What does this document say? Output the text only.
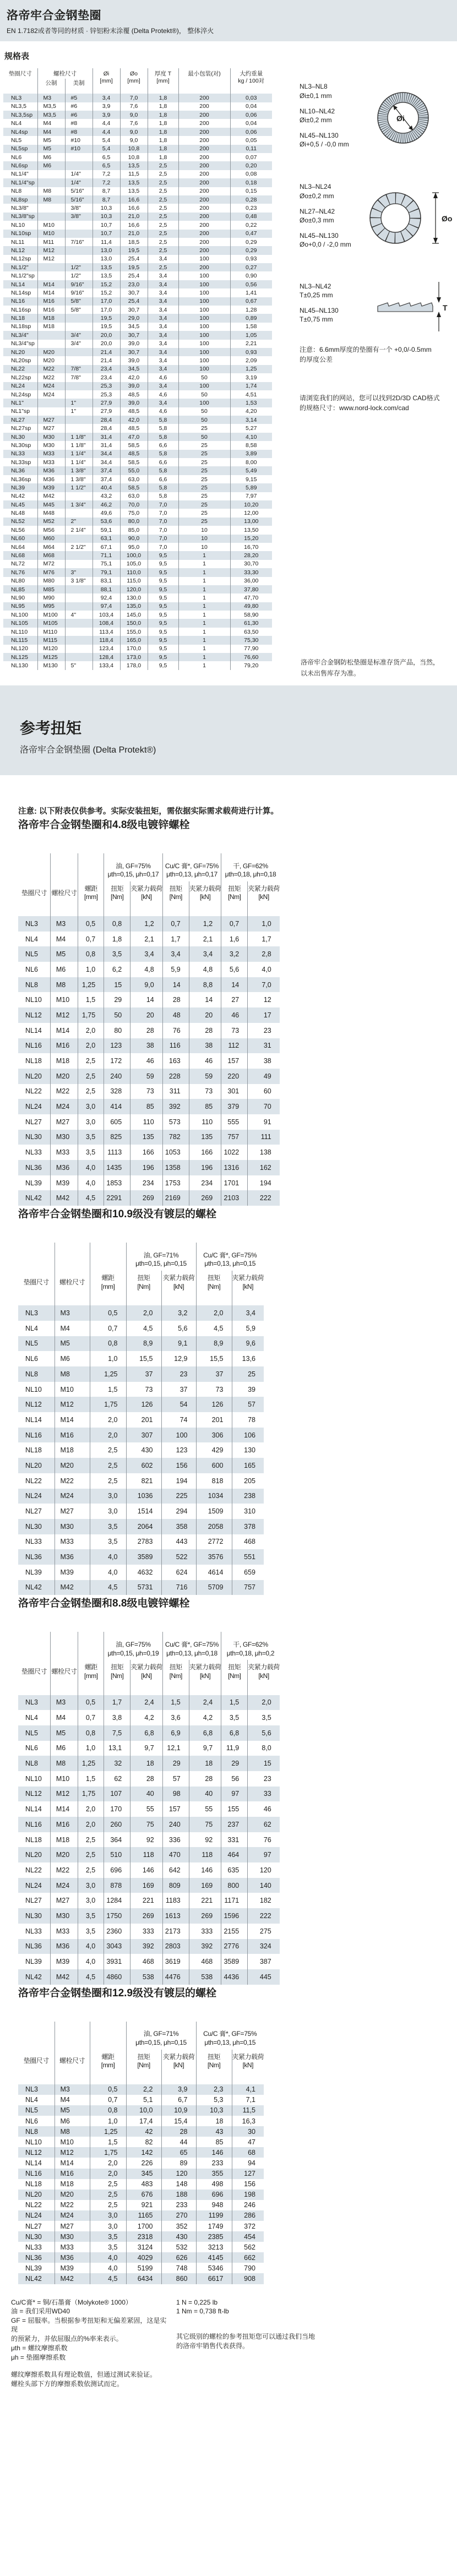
洛帝牢合金钢垫圈
EN 1.7182或者等同的材质 · 锌铝粉末涂覆 (Delta Protekt®)， 整体淬火
规格表
垫圈尺寸	螺栓尺寸	Øi
[mm]

Øo
[mm]

厚度 T
[mm]
	最小包装(对)	大约重量
kg / 100对

	公制	美制					
NL3	M3	#5	3,4	7,0	1,8	200	0,03
NL3,5	M3,5	#6	3,9	7,6	1,8	200	0,04
NL3,5sp	M3,5	#6	3,9	9,0	1,8	200	0,06
NL4	M4	#8	4,4	7,6	1,8	200	0,04
NL4sp	M4	#8	4,4	9,0	1,8	200	0,06
NL5	M5	#10	5,4	9,0	1,8	200	0,05
NL5sp	M5	#10	5,4	10,8	1,8	200	0,11
NL6	M6		6,5	10,8	1,8	200	0,07
NL6sp	M6		6,5	13,5	2,5	200	0,20
NL1/4"		1/4"	7,2	11,5	2,5	200	0,08
NL1/4"sp		1/4"	7,2	13,5	2,5	200	0,18
NL8	M8	5/16"	8,7	13,5	2,5	200	0,15
NL8sp	M8	5/16"	8,7	16,6	2,5	200	0,28
NL3/8"		3/8"	10,3	16,6	2,5	200	0,23
NL3/8"sp		3/8"	10,3	21,0	2,5	200	0,48
NL10	M10		10,7	16,6	2,5	200	0,22
NL10sp	M10		10,7	21,0	2,5	200	0,47
NL11	M11	7/16"	11,4	18,5	2,5	200	0,29
NL12	M12		13,0	19,5	2,5	200	0,29
NL12sp	M12		13,0	25,4	3,4	100	0,93
NL1/2"		1/2"	13,5	19,5	2,5	200	0,27
NL1/2"sp		1/2"	13,5	25,4	3,4	100	0,90
NL14	M14	9/16"	15,2	23,0	3,4	100	0,56
NL14sp	M14	9/16"	15,2	30,7	3,4	100	1,41
NL16	M16	5/8"	17,0	25,4	3,4	100	0,67
NL16sp	M16	5/8"	17,0	30,7	3,4	100	1,28
NL18	M18		19,5	29,0	3,4	100	0,89
NL18sp	M18		19,5	34,5	3,4	100	1,58
NL3/4"		3/4"	20,0	30,7	3,4	100	1,05
NL3/4"sp		3/4"	20,0	39,0	3,4	100	2,21
NL20	M20		21,4	30,7	3,4	100	0,93
NL20sp	M20		21,4	39,0	3,4	100	2,09
NL22	M22	7/8"	23,4	34,5	3,4	100	1,25
NL22sp	M22	7/8"	23,4	42,0	4,6	50	3,19
NL24	M24		25,3	39,0	3,4	100	1,74
NL24sp	M24		25,3	48,5	4,6	50	4,51
NL1"		1"	27,9	39,0	3,4	100	1,53
NL1"sp		1"	27,9	48,5	4,6	50	4,20
NL27	M27		28,4	42,0	5,8	50	3,14
NL27sp	M27		28,4	48,5	5,8	25	5,27
NL30	M30	1 1/8"	31,4	47,0	5,8	50	4,10
NL30sp	M30	1 1/8"	31,4	58,5	6,6	25	8,58
NL33	M33	1 1/4"	34,4	48,5	5,8	25	3,89
NL33sp	M33	1 1/4"	34,4	58,5	6,6	25	8,00
NL36	M36	1 3/8"	37,4	55,0	5,8	25	5,49
NL36sp	M36	1 3/8"	37,4	63,0	6,6	25	9,15
NL39	M39	1 1/2"	40,4	58,5	5,8	25	5,89
NL42	M42		43,2	63,0	5,8	25	7,97
NL45	M45	1 3/4"	46,2	70,0	7,0	25	10,20
NL48	M48		49,6	75,0	7,0	25	12,00
NL52	M52	2"	53,6	80,0	7,0	25	13,00
NL56	M56	2 1/4"	59,1	85,0	7,0	10	13,50
NL60	M60		63,1	90,0	7,0	10	15,20
NL64	M64	2 1/2"	67,1	95,0	7,0	10	16,70
NL68	M68		71,1	100,0	9,5	1	28,20
NL72	M72		75,1	105,0	9,5	1	30,70
NL76	M76	3"	79,1	110,0	9,5	1	33,30
NL80	M80	3 1/8"	83,1	115,0	9,5	1	36,00
NL85	M85		88,1	120,0	9,5	1	37,80
NL90	M90		92,4	130,0	9,5	1	47,70
NL95	M95		97,4	135,0	9,5	1	49,80
NL100	M100	4"	103,4	145,0	9,5	1	58,90
NL105	M105		108,4	150,0	9,5	1	61,30
NL110	M110		113,4	155,0	9,5	1	63,50
NL115	M115		118,4	165,0	9,5	1	75,30
NL120	M120		123,4	170,0	9,5	1	77,90
NL125	M125		128,4	173,0	9,5	1	76,60
NL130	M130	5"	133,4	178,0	9,5	1	79,20
NL3–NL8
Øi±0,1 mm
NL10–NL42
Øi±0,2 mm
NL45–NL130
Øi+0,5 / -0,0 mm
Øi
NL3–NL24
Øo±0,2 mm
NL27–NL42
Øo±0,3 mm
NL45–NL130
Øo+0,0 / -2,0 mm
Øo
NL3–NL42
T±0,25 mm
NL45–NL130
T±0,75 mm
T
注意：6.6mm厚度的垫圈有一个 +0,0/-0.5mm的厚度公差
请浏览我们的网站，您可以找到2D/3D CAD格式的规格尺寸：www.nord-lock.com/cad
洛帝牢合金钢防松垫圈是标准存货产品，当然，以未出售库存为准。
参考扭矩
洛帝牢合金钢垫圈 (Delta Protekt®)

注意: 以下附表仅供参考。实际安装扭矩，需依据实际需求载荷进行计算。

洛帝牢合金钢垫圈和4.8级电镀锌螺栓

油, GF=75%
μth=0,15, μh=0,17

Cu/C 膏*, GF=75%
μth=0,13, μh=0,17

干, GF=62%
μth=0,18, μh=0,18

垫圈尺寸	螺栓尺寸	
螺距
[mm]

扭矩
[Nm]

夹紧力载荷
[kN]

扭矩
[Nm]

夹紧力载荷
[kN]

扭矩
[Nm]

夹紧力载荷
[kN]

NL3	M3	0,5	0,8	1,2	0,7	1,2	0,7	1,0
NL4	M4	0,7	1,8	2,1	1,7	2,1	1,6	1,7
NL5	M5	0,8	3,5	3,4	3,4	3,4	3,2	2,8
NL6	M6	1,0	6,2	4,8	5,9	4,8	5,6	4,0
NL8	M8	1,25	15	9,0	14	8,8	14	7,0
NL10	M10	1,5	29	14	28	14	27	12
NL12	M12	1,75	50	20	48	20	46	17
NL14	M14	2,0	80	28	76	28	73	23
NL16	M16	2,0	123	38	116	38	112	31
NL18	M18	2,5	172	46	163	46	157	38
NL20	M20	2,5	240	59	228	59	220	49
NL22	M22	2,5	328	73	311	73	301	60
NL24	M24	3,0	414	85	392	85	379	70
NL27	M27	3,0	605	110	573	110	555	91
NL30	M30	3,5	825	135	782	135	757	111
NL33	M33	3,5	1113	166	1053	166	1022	138
NL36	M36	4,0	1435	196	1358	196	1316	162
NL39	M39	4,0	1853	234	1753	234	1701	194
NL42	M42	4,5	2291	269	2169	269	2103	222
洛帝牢合金钢垫圈和10.9级没有镀层的螺栓

油, GF=71%
μth=0,15, μh=0,15

Cu/C 膏*, GF=75%
μth=0,13, μh=0,15

垫圈尺寸	螺栓尺寸	
螺距
[mm]

扭矩
[Nm]

夹紧力载荷
[kN]

扭矩
[Nm]

夹紧力载荷
[kN]

NL3	M3	0,5	2,0	3,2	2,0	3,4
NL4	M4	0,7	4,5	5,6	4,5	5,9
NL5	M5	0,8	8,9	9,1	8,9	9,6
NL6	M6	1,0	15,5	12,9	15,5	13,6
NL8	M8	1,25	37	23	37	25
NL10	M10	1,5	73	37	73	39
NL12	M12	1,75	126	54	126	57
NL14	M14	2,0	201	74	201	78
NL16	M16	2,0	307	100	306	106
NL18	M18	2,5	430	123	429	130
NL20	M20	2,5	602	156	600	165
NL22	M22	2,5	821	194	818	205
NL24	M24	3,0	1036	225	1034	238
NL27	M27	3,0	1514	294	1509	310
NL30	M30	3,5	2064	358	2058	378
NL33	M33	3,5	2783	443	2772	468
NL36	M36	4,0	3589	522	3576	551
NL39	M39	4,0	4632	624	4614	659
NL42	M42	4,5	5731	716	5709	757
洛帝牢合金钢垫圈和8.8级电镀锌螺栓

油, GF=75%
μth=0,15, μh=0,19

Cu/C 膏*, GF=75%
μth=0,13, μh=0,18

干, GF=62%
μth=0,18, μh=0,2

垫圈尺寸	螺栓尺寸	
螺距
[mm]

扭矩
[Nm]

夹紧力载荷
[kN]

扭矩
[Nm]

夹紧力载荷
[kN]

扭矩
[Nm]

夹紧力载荷
[kN]

NL3	M3	0,5	1,7	2,4	1,5	2,4	1,5	2,0
NL4	M4	0,7	3,8	4,2	3,6	4,2	3,5	3,5
NL5	M5	0,8	7,5	6,8	6,9	6,8	6,8	5,6
NL6	M6	1,0	13,1	9,7	12,1	9,7	11,9	8,0
NL8	M8	1,25	32	18	29	18	29	15
NL10	M10	1,5	62	28	57	28	56	23
NL12	M12	1,75	107	40	98	40	97	33
NL14	M14	2,0	170	55	157	55	155	46
NL16	M16	2,0	260	75	240	75	237	62
NL18	M18	2,5	364	92	336	92	331	76
NL20	M20	2,5	510	118	470	118	464	97
NL22	M22	2,5	696	146	642	146	635	120
NL24	M24	3,0	878	169	809	169	800	140
NL27	M27	3,0	1284	221	1183	221	1171	182
NL30	M30	3,5	1750	269	1613	269	1596	222
NL33	M33	3,5	2360	333	2173	333	2155	275
NL36	M36	4,0	3043	392	2803	392	2776	324
NL39	M39	4,0	3931	468	3619	468	3589	387
NL42	M42	4,5	4860	538	4476	538	4436	445
洛帝牢合金钢垫圈和12.9级没有镀层的螺栓

油, GF=71%
μth=0,15, μh=0,15

Cu/C 膏*, GF=75%
μth=0,13, μh=0,15

垫圈尺寸	螺栓尺寸	
螺距
[mm]

扭矩
[Nm]

夹紧力载荷
[kN]

扭矩
[Nm]

夹紧力载荷
[kN]

NL3	M3	0,5	2,2	3,9	2,3	4,1
NL4	M4	0,7	5,1	6,7	5,3	7,1
NL5	M5	0,8	10,0	10,9	10,3	11,5
NL6	M6	1,0	17,4	15,4	18	16,3
NL8	M8	1,25	42	28	43	30
NL10	M10	1,5	82	44	85	47
NL12	M12	1,75	142	65	146	68
NL14	M14	2,0	226	89	233	94
NL16	M16	2,0	345	120	355	127
NL18	M18	2,5	483	148	498	156
NL20	M20	2,5	676	188	696	198
NL22	M22	2,5	921	233	948	246
NL24	M24	3,0	1165	270	1199	286
NL27	M27	3,0	1700	352	1749	372
NL30	M30	3,5	2318	430	2385	454
NL33	M33	3,5	3124	532	3213	562
NL36	M36	4,0	4029	626	4145	662
NL39	M39	4,0	5199	748	5346	790
NL42	M42	4,5	6434	860	6617	908
Cu/C膏* = 铜/石墨膏（Molykote® 1000）
油 = 我们采用WD40
GF = 屈服率。当根据参考扭矩和无偏差紧固，这是实现
的预紧力，并依屈服点的%率来表示。
μth = 螺纹摩擦系数
μh = 垫圈摩擦系数
螺纹摩擦系数具有理论数值，但通过测试来验证。
螺栓头部下方的摩擦系数依测试而定。
1 N = 0,225 lb
1 Nm = 0,738 ft-lb
其它级别的螺栓的参考扭矩您可以通过我们当地
的洛帝牢销售代表获得。
